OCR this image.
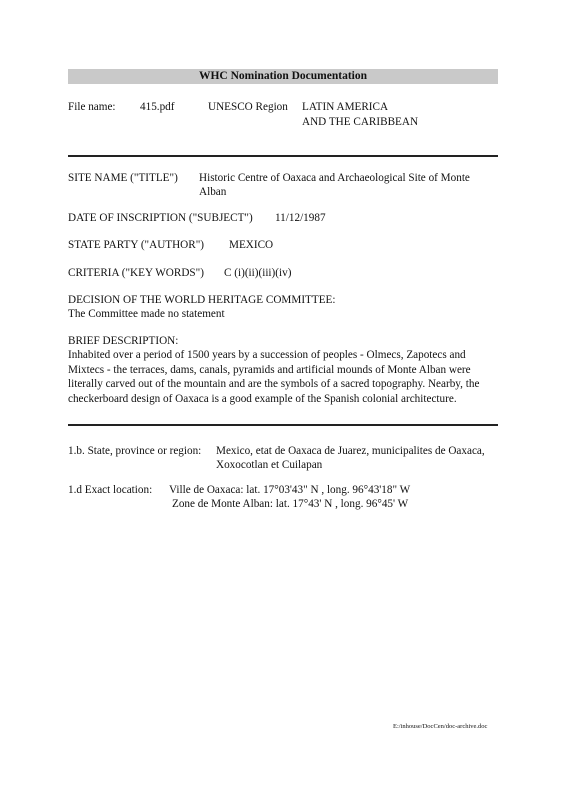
WHC Nomination Documentation
File name: 415.pdf	UNESCO Region LATIN AMERICA
AND THE CARIBBEAN
SITE NAME ("TITLE") Historic Centre of Oaxaca and Archaeological Site of Monte
Alban
DATE OF INSCRIPTION ("SUBJECT") 11/12/1987
STATE PARTY ("AUTHOR") MEXICO
CRITERIA ("KEY WORDS") C (i)(ii)(iii)(iv)
DECISION OF THE WORLD HERITAGE COMMITTEE:
The Committee made no statement
BRIEF DESCRIPTION:
Inhabited over a period of 1500 years by a succession of peoples - Olmecs, Zapotecs and Mixtecs - the terraces, dams, canals, pyramids and artificial mounds of Monte Alban were literally carved out of the mountain and are the symbols of a sacred topography. Nearby, the checkerboard design of Oaxaca is a good example of the Spanish colonial architecture.
1.b. State, province or region: Mexico, etat de Oaxaca de Juarez, municipalites de Oaxaca,
Xoxocotlan et Cuilapan
1.d Exact location: Ville de Oaxaca: lat. 17°03'43" N , long. 96°43'18" W
Zone de Monte Alban: lat. 17°43' N , long. 96°45' W
E:/inhouse/DocCen/doc-archive.doc
